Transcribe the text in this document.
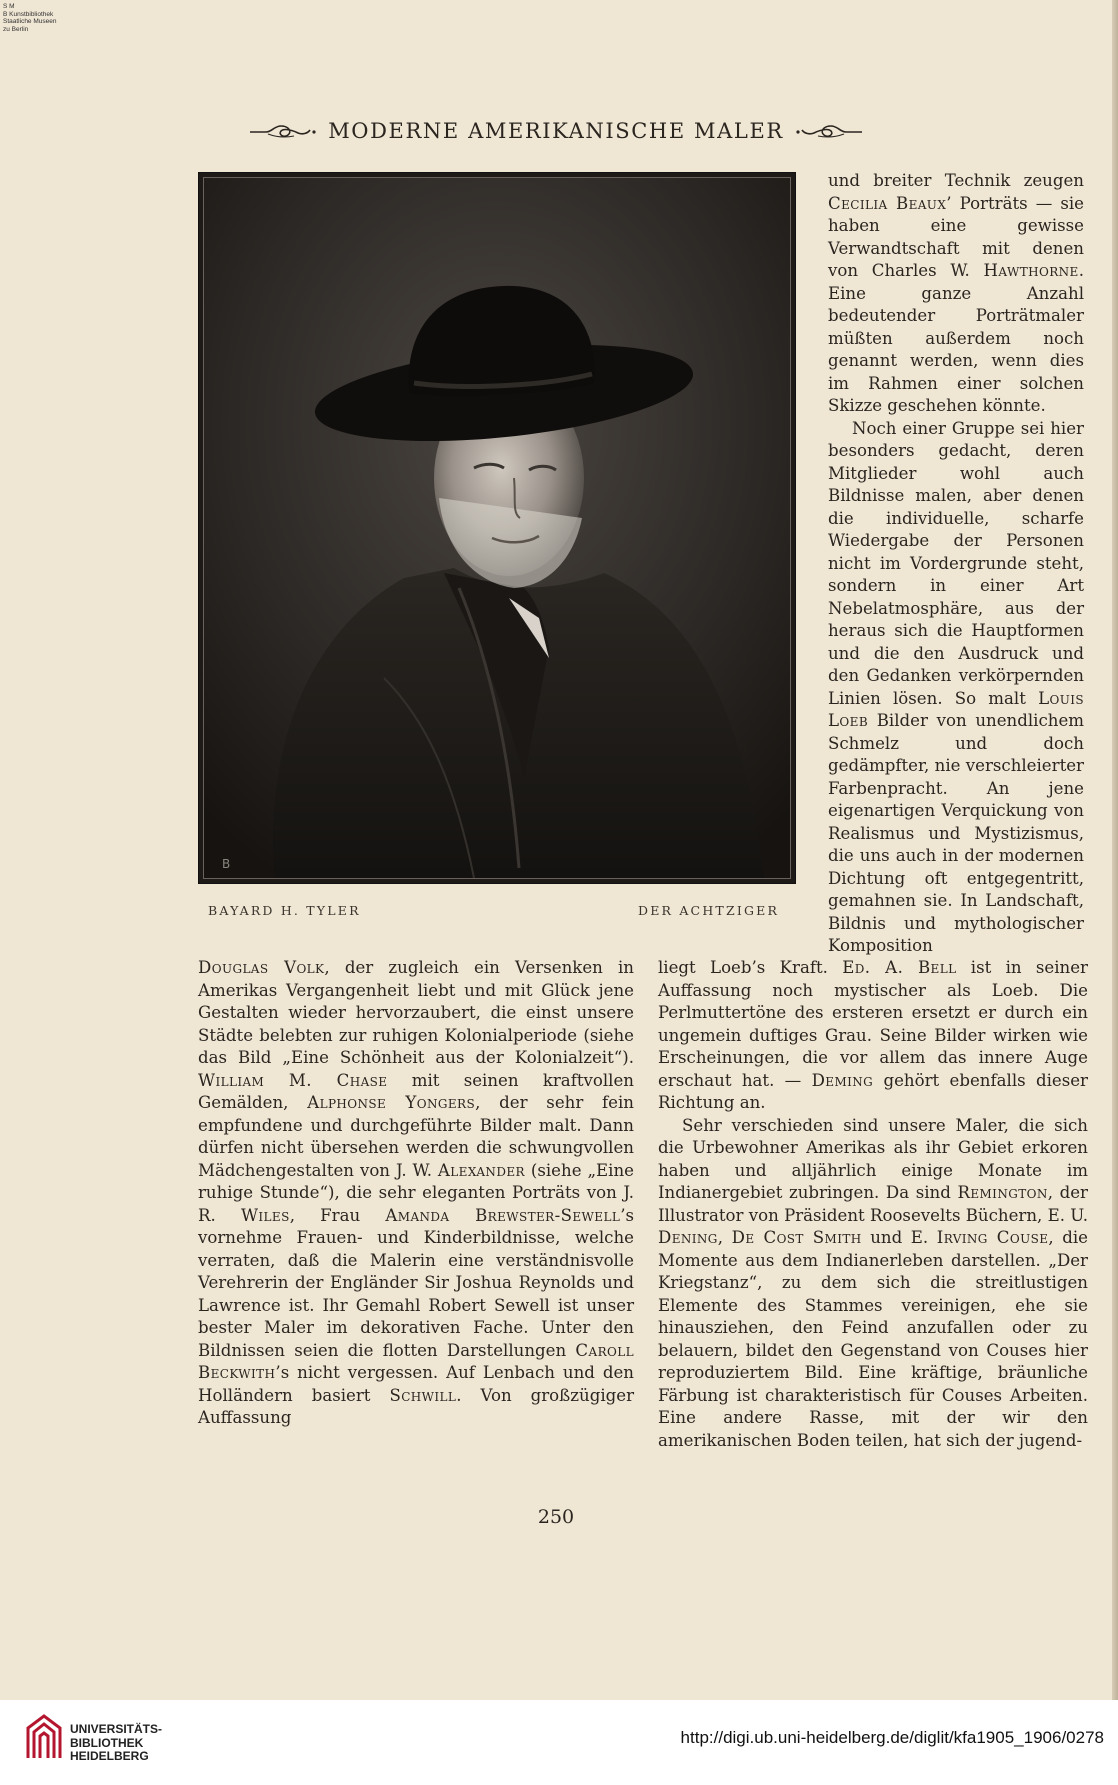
S M
B Kunstbibliothek
Staatliche Museen
zu Berlin
MODERNE AMERIKANISCHE MALER
B
BAYARD H. TYLER	DER ACHTZIGER

und breiter Technik zeugen Cecilia Beaux’ Porträts — sie haben eine gewisse Verwandtschaft mit denen von Charles W. Hawthorne. Eine ganze Anzahl bedeutender Porträtmaler müßten außerdem noch genannt werden, wenn dies im Rahmen einer solchen Skizze geschehen könnte.

Noch einer Gruppe sei hier besonders gedacht, deren Mitglieder wohl auch Bildnisse malen, aber denen die individuelle, scharfe Wiedergabe der Personen nicht im Vordergrunde steht, sondern in einer Art Nebelatmosphäre, aus der heraus sich die Hauptformen und die den Ausdruck und den Gedanken verkörpernden Linien lösen. So malt Louis Loeb Bilder von unendlichem Schmelz und doch gedämpfter, nie verschleierter Farbenpracht. An jene eigenartigen Verquickung von Realismus und Mystizismus, die uns auch in der modernen Dichtung oft entgegentritt, gemahnen sie. In Landschaft, Bildnis und mythologischer Komposition

Douglas Volk, der zugleich ein Versenken in Amerikas Vergangenheit liebt und mit Glück jene Gestalten wieder hervorzaubert, die einst unsere Städte belebten zur ruhigen Kolonialperiode (siehe das Bild „Eine Schönheit aus der Kolonialzeit“). William M. Chase mit seinen kraftvollen Gemälden, Alphonse Yongers, der sehr fein empfundene und durchgeführte Bilder malt. Dann dürfen nicht übersehen werden die schwungvollen Mädchengestalten von J. W. Alexander (siehe „Eine ruhige Stunde“), die sehr eleganten Porträts von J. R. Wiles, Frau Amanda Brewster-Sewell’s vornehme Frauen- und Kinderbildnisse, welche verraten, daß die Malerin eine verständnisvolle Verehrerin der Engländer Sir Joshua Reynolds und Lawrence ist. Ihr Gemahl Robert Sewell ist unser bester Maler im dekorativen Fache. Unter den Bildnissen seien die flotten Darstellungen Caroll Beckwith’s nicht vergessen. Auf Lenbach und den Holländern basiert Schwill. Von großzügiger Auffassung

liegt Loeb’s Kraft. Ed. A. Bell ist in seiner Auffassung noch mystischer als Loeb. Die Perlmuttertöne des ersteren ersetzt er durch ein ungemein duftiges Grau. Seine Bilder wirken wie Erscheinungen, die vor allem das innere Auge erschaut hat. — Deming gehört ebenfalls dieser Richtung an.

Sehr verschieden sind unsere Maler, die sich die Urbewohner Amerikas als ihr Gebiet erkoren haben und alljährlich einige Monate im Indianergebiet zubringen. Da sind Remington, der Illustrator von Präsident Roosevelts Büchern, E. U. Dening, De Cost Smith und E. Irving Couse, die Momente aus dem Indianerleben darstellen. „Der Kriegstanz“, zu dem sich die streitlustigen Elemente des Stammes vereinigen, ehe sie hinausziehen, den Feind anzufallen oder zu belauern, bildet den Gegenstand von Couses hier reproduziertem Bild. Eine kräftige, bräunliche Färbung ist charakteristisch für Couses Arbeiten. Eine andere Rasse, mit der wir den amerikanischen Boden teilen, hat sich der jugend-

250
UNIVERSITÄTS-
BIBLIOTHEK
HEIDELBERG
http://digi.ub.uni-heidelberg.de/diglit/kfa1905_1906/0278
